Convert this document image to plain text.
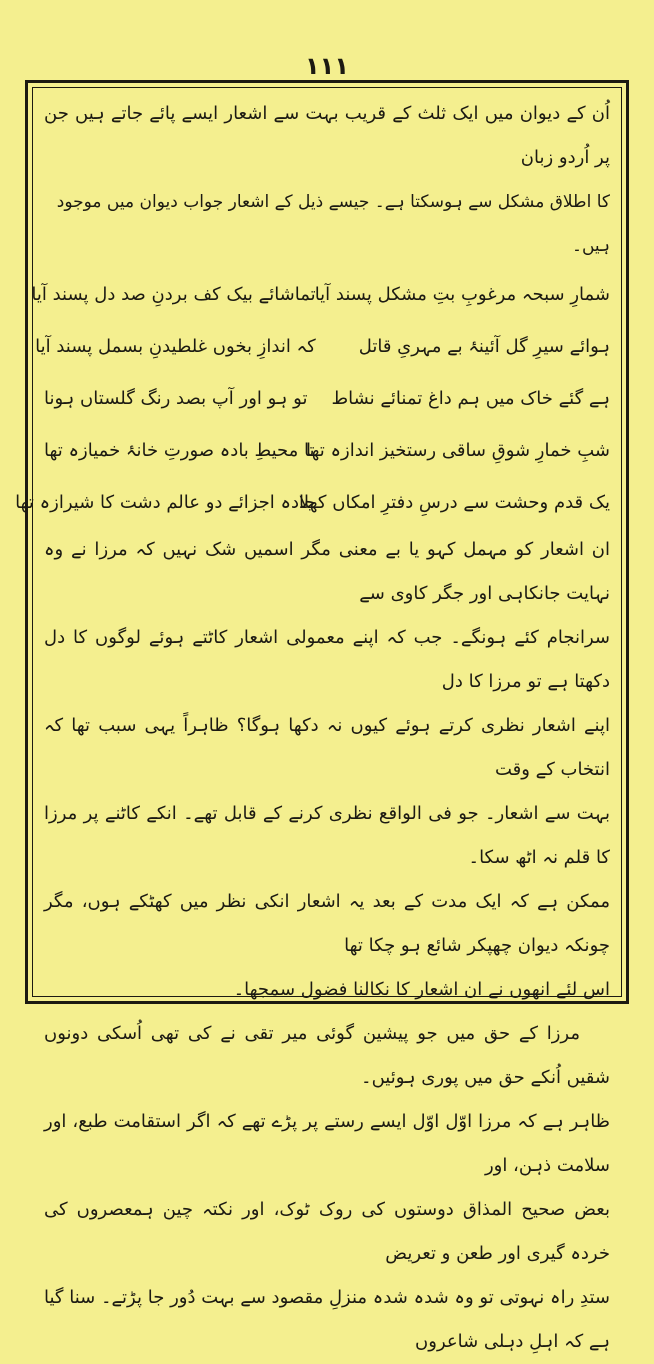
۱۱۱

اُن کے دیوان میں ایک ثلث کے قریب بہت سے اشعار ایسے پائے جاتے ہیں جن پر اُردو زبان

کا اطلاق مشکل سے ہوسکتا ہے۔ جیسے ذیل کے اشعار جواب دیوان میں موجود ہیں۔

شمارِ سبحہ مرغوبِ بتِ مشکل پسند آیا
تماشائے بیک کف بردنِ صد دل پسند آیا
ہوائے سیرِ گل آئینۂ بے مہریِ قاتل
کہ اندازِ بخوں غلطیدنِ بسمل پسند آیا
ہے گئے خاک میں ہم داغ تمنائے نشاط
تو ہو اور آپ بصد رنگ گلستاں ہونا
شبِ خمارِ شوقِ ساقی رستخیز اندازہ تھا
تا محیطِ بادہ صورتِ خانۂ خمیازہ تھا
یک قدم وحشت سے درسِ دفترِ امکاں کھلا
جادہ اجزائے دو عالم دشت کا شیرازہ تھا

ان اشعار کو مہمل کہو یا بے معنی مگر اسمیں شک نہیں کہ مرزا نے وہ نہایت جانکاہی اور جگر کاوی سے

سرانجام کئے ہونگے۔ جب کہ اپنے معمولی اشعار کاٹتے ہوئے لوگوں کا دل دکھتا ہے تو مرزا کا دل

اپنے اشعار نظری کرتے ہوئے کیوں نہ دکھا ہوگا؟ ظاہراً یہی سبب تھا کہ انتخاب کے وقت

بہت سے اشعار۔ جو فی الواقع نظری کرنے کے قابل تھے۔ انکے کاٹنے پر مرزا کا قلم نہ اٹھ سکا۔

ممکن ہے کہ ایک مدت کے بعد یہ اشعار انکی نظر میں کھٹکے ہوں، مگر چونکہ دیوان چھپکر شائع ہو چکا تھا

اس لئے انھوں نے ان اشعار کا نکالنا فضول سمجھا۔

مرزا کے حق میں جو پیشین گوئی میر تقی نے کی تھی اُسکی دونوں شقیں اُنکے حق میں پوری ہوئیں۔

ظاہر ہے کہ مرزا اوّل اوّل ایسے رستے پر پڑے تھے کہ اگر استقامت طبع، اور سلامت ذہن، اور

بعض صحیح المذاق دوستوں کی روک ٹوک، اور نکتہ چین ہمعصروں کی خردہ گیری اور طعن و تعریض

ستدِ راہ نہوتی تو وہ شدہ شدہ منزلِ مقصود سے بہت دُور جا پڑتے۔ سنا گیا ہے کہ اہلِ دہلی شاعروں
